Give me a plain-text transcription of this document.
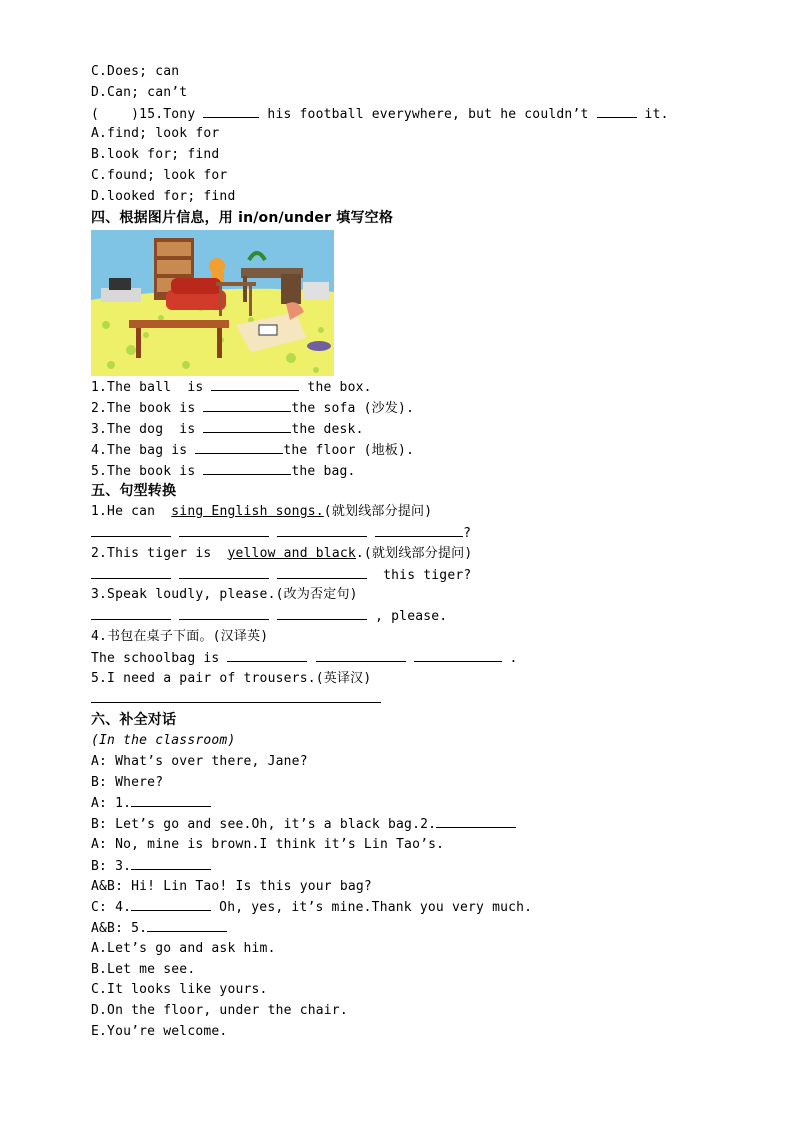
C.Does; can
D.Can; can’t
(    )15.Tony	his football everywhere, but he couldn’t	it.
A.find; look for
B.look for; find
C.found; look for
D.looked for; find
四、根据图片信息，用 in/on/under 填写空格
1.The ball  is	the box.
2.The book is	the sofa (沙发).
3.The dog  is	the desk.
4.The bag is	the floor (地板).
5.The book is	the bag.
五、句型转换
1.He can  sing English songs.(就划线部分提问)
?
2.This tiger is  yellow and black.(就划线部分提问)
this tiger?
3.Speak loudly, please.(改为否定句)
, please.
4.书包在桌子下面。(汉译英)
The schoolbag is	.
5.I need a pair of trousers.(英译汉)
六、补全对话
(In the classroom)
A: What’s over there, Jane?
B: Where?
A: 1.
B: Let’s go and see.Oh, it’s a black bag.2.
A: No, mine is brown.I think it’s Lin Tao’s.
B: 3.
A&B: Hi! Lin Tao! Is this your bag?
C: 4.	Oh, yes, it’s mine.Thank you very much.
A&B: 5.
A.Let’s go and ask him.
B.Let me see.
C.It looks like yours.
D.On the floor, under the chair.
E.You’re welcome.
